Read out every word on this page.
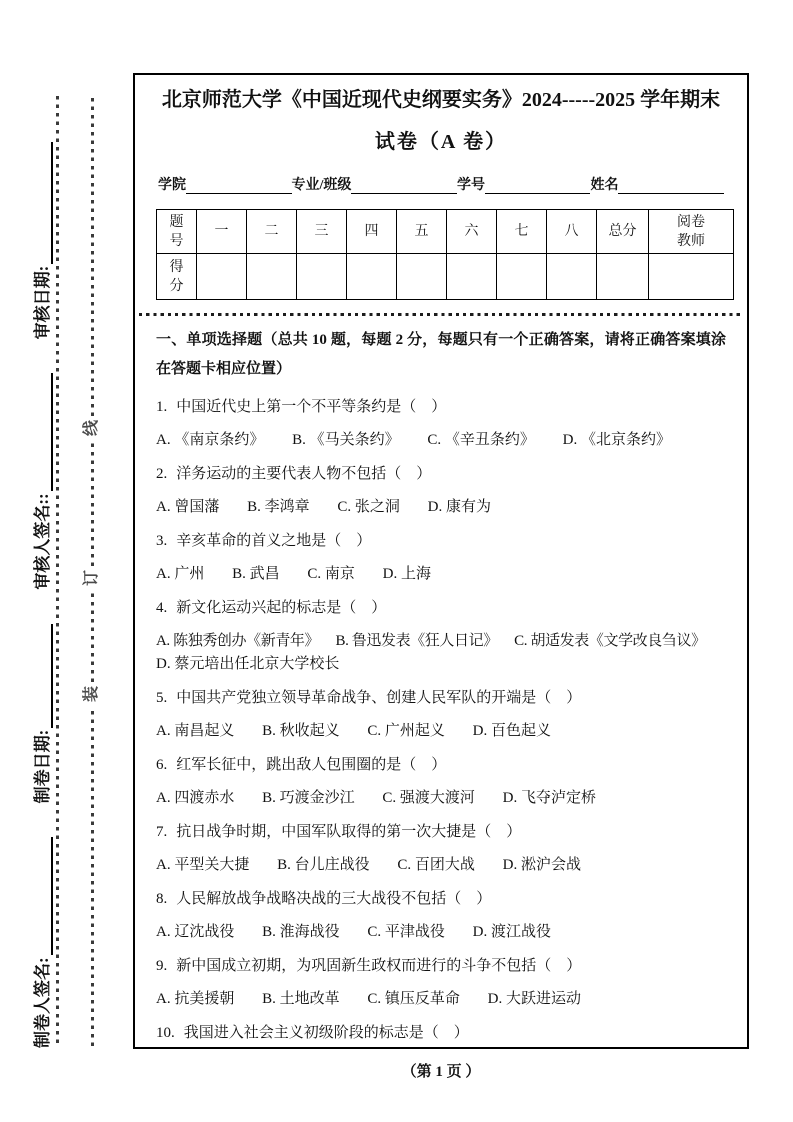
制卷人签名:
制卷日期:
审核人签名::
审核日期:
装
订
线
北京师范大学《中国近现代史纲要实务》2024-----2025 学年期末
试卷（A 卷）
学院	专业/班级	学号	姓名
题号	一	二	三	四	五	六	七	八	总分	阅卷教师
得分										

一、单项选择题（总共 10 题，每题 2 分，每题只有一个正确答案，请将正确答案填涂在答题卡相应位置）

1. 中国近代史上第一个不平等条约是（　）

A. 《南京条约》 B. 《马关条约》 C. 《辛丑条约》 D. 《北京条约》

2. 洋务运动的主要代表人物不包括（　）

A. 曾国藩 B. 李鸿章 C. 张之洞 D. 康有为

3. 辛亥革命的首义之地是（　）

A. 广州 B. 武昌 C. 南京 D. 上海

4. 新文化运动兴起的标志是（　）

A. 陈独秀创办《新青年》 B. 鲁迅发表《狂人日记》 C. 胡适发表《文学改良刍议》

D. 蔡元培出任北京大学校长

5. 中国共产党独立领导革命战争、创建人民军队的开端是（　）

A. 南昌起义 B. 秋收起义 C. 广州起义 D. 百色起义

6. 红军长征中，跳出敌人包围圈的是（　）

A. 四渡赤水 B. 巧渡金沙江 C. 强渡大渡河 D. 飞夺泸定桥

7. 抗日战争时期，中国军队取得的第一次大捷是（　）

A. 平型关大捷 B. 台儿庄战役 C. 百团大战 D. 淞沪会战

8. 人民解放战争战略决战的三大战役不包括（　）

A. 辽沈战役 B. 淮海战役 C. 平津战役 D. 渡江战役

9. 新中国成立初期，为巩固新生政权而进行的斗争不包括（　）

A. 抗美援朝 B. 土地改革 C. 镇压反革命 D. 大跃进运动

10. 我国进入社会主义初级阶段的标志是（　）

（第 1 页 ）
